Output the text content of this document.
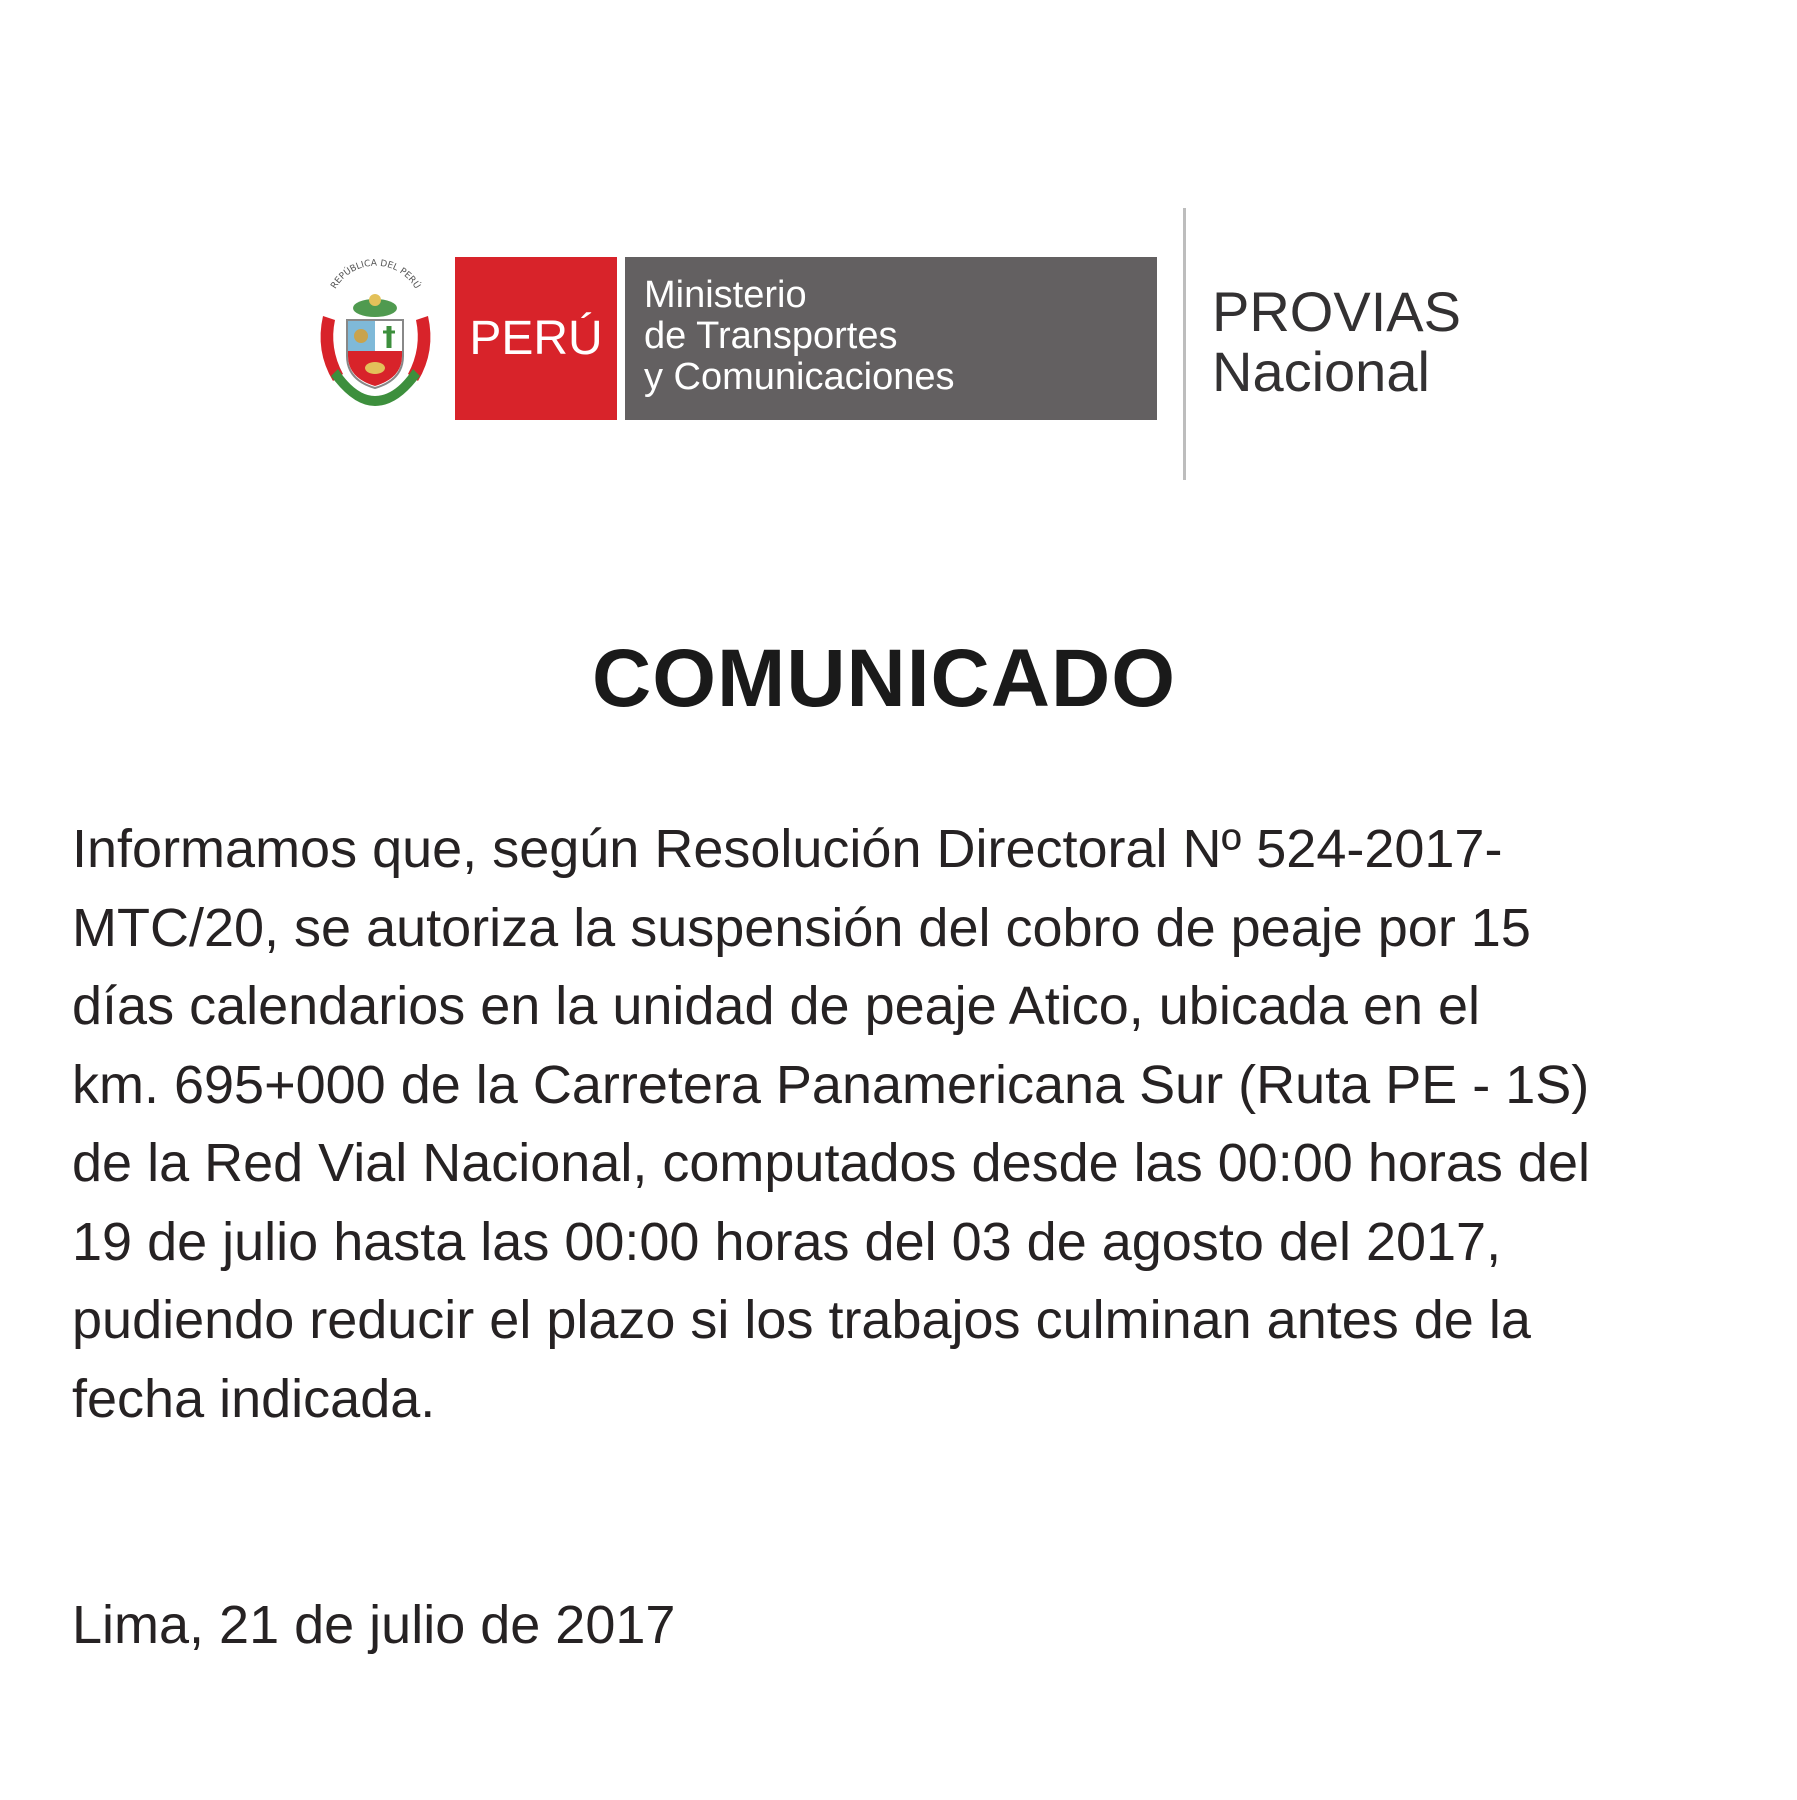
REPÚBLICA DEL PERÚ
PERÚ
Ministerio
de Transportes
y Comunicaciones
PROVIAS
Nacional
COMUNICADO
Informamos que, según Resolución Directoral Nº 524-2017-
MTC/20, se autoriza la suspensión del cobro de peaje por 15
días calendarios en la unidad de peaje Atico, ubicada en el
km. 695+000 de la Carretera Panamericana Sur (Ruta PE - 1S)
de la Red Vial Nacional, computados desde las 00:00 horas del
19 de julio hasta las 00:00 horas del 03 de agosto del 2017,
pudiendo reducir el plazo si los trabajos culminan antes de la
fecha indicada.
Lima, 21 de julio de 2017
